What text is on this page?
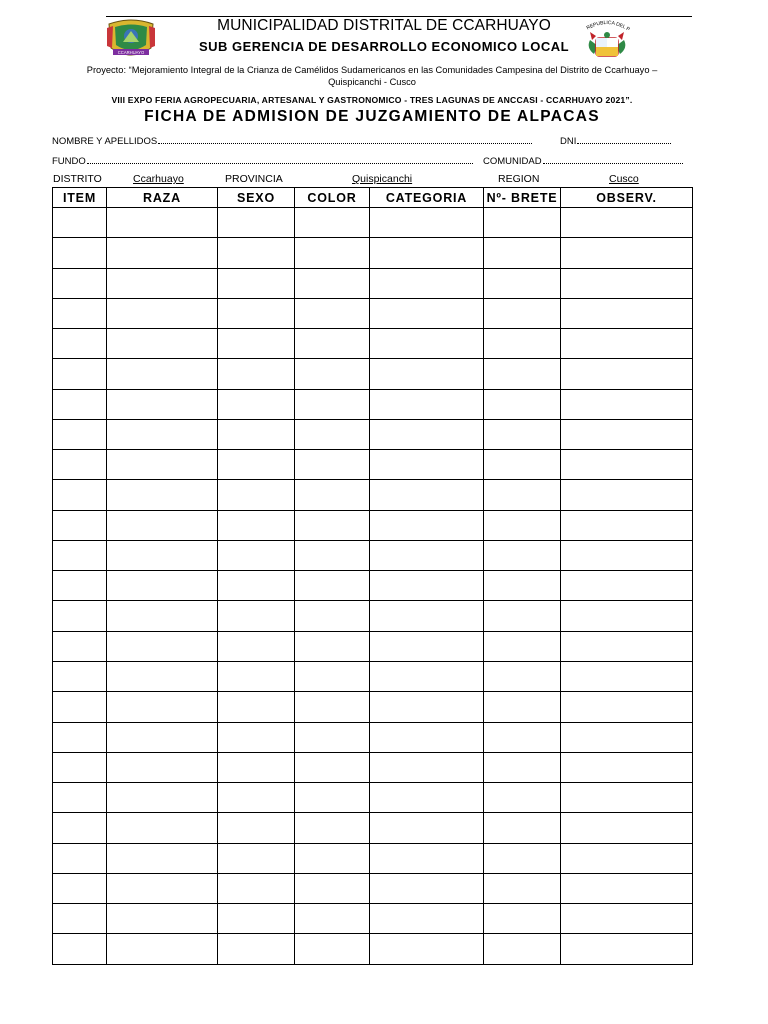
CCARHUAYO
REPUBLICA DEL P
MUNICIPALIDAD DISTRITAL DE CCARHUAYO
SUB GERENCIA DE DESARROLLO ECONOMICO LOCAL
Proyecto: “Mejoramiento Integral de la Crianza de Camélidos Sudamericanos en las Comunidades Campesina del Distrito de Ccarhuayo –
Quispicanchi - Cusco
VIII EXPO FERIA AGROPECUARIA, ARTESANAL Y GASTRONOMICO - TRES LAGUNAS DE ANCCASI - CCARHUAYO 2021”.
FICHA DE ADMISION DE JUZGAMIENTO DE ALPACAS
NOMBRE Y APELLIDOS	DNI
FUNDO	COMUNIDAD
DISTRITO	Ccarhuayo	PROVINCIA	Quispicanchi	REGION	Cusco
ITEM	RAZA	SEXO	COLOR	CATEGORIA	Nº- BRETE	OBSERV.
